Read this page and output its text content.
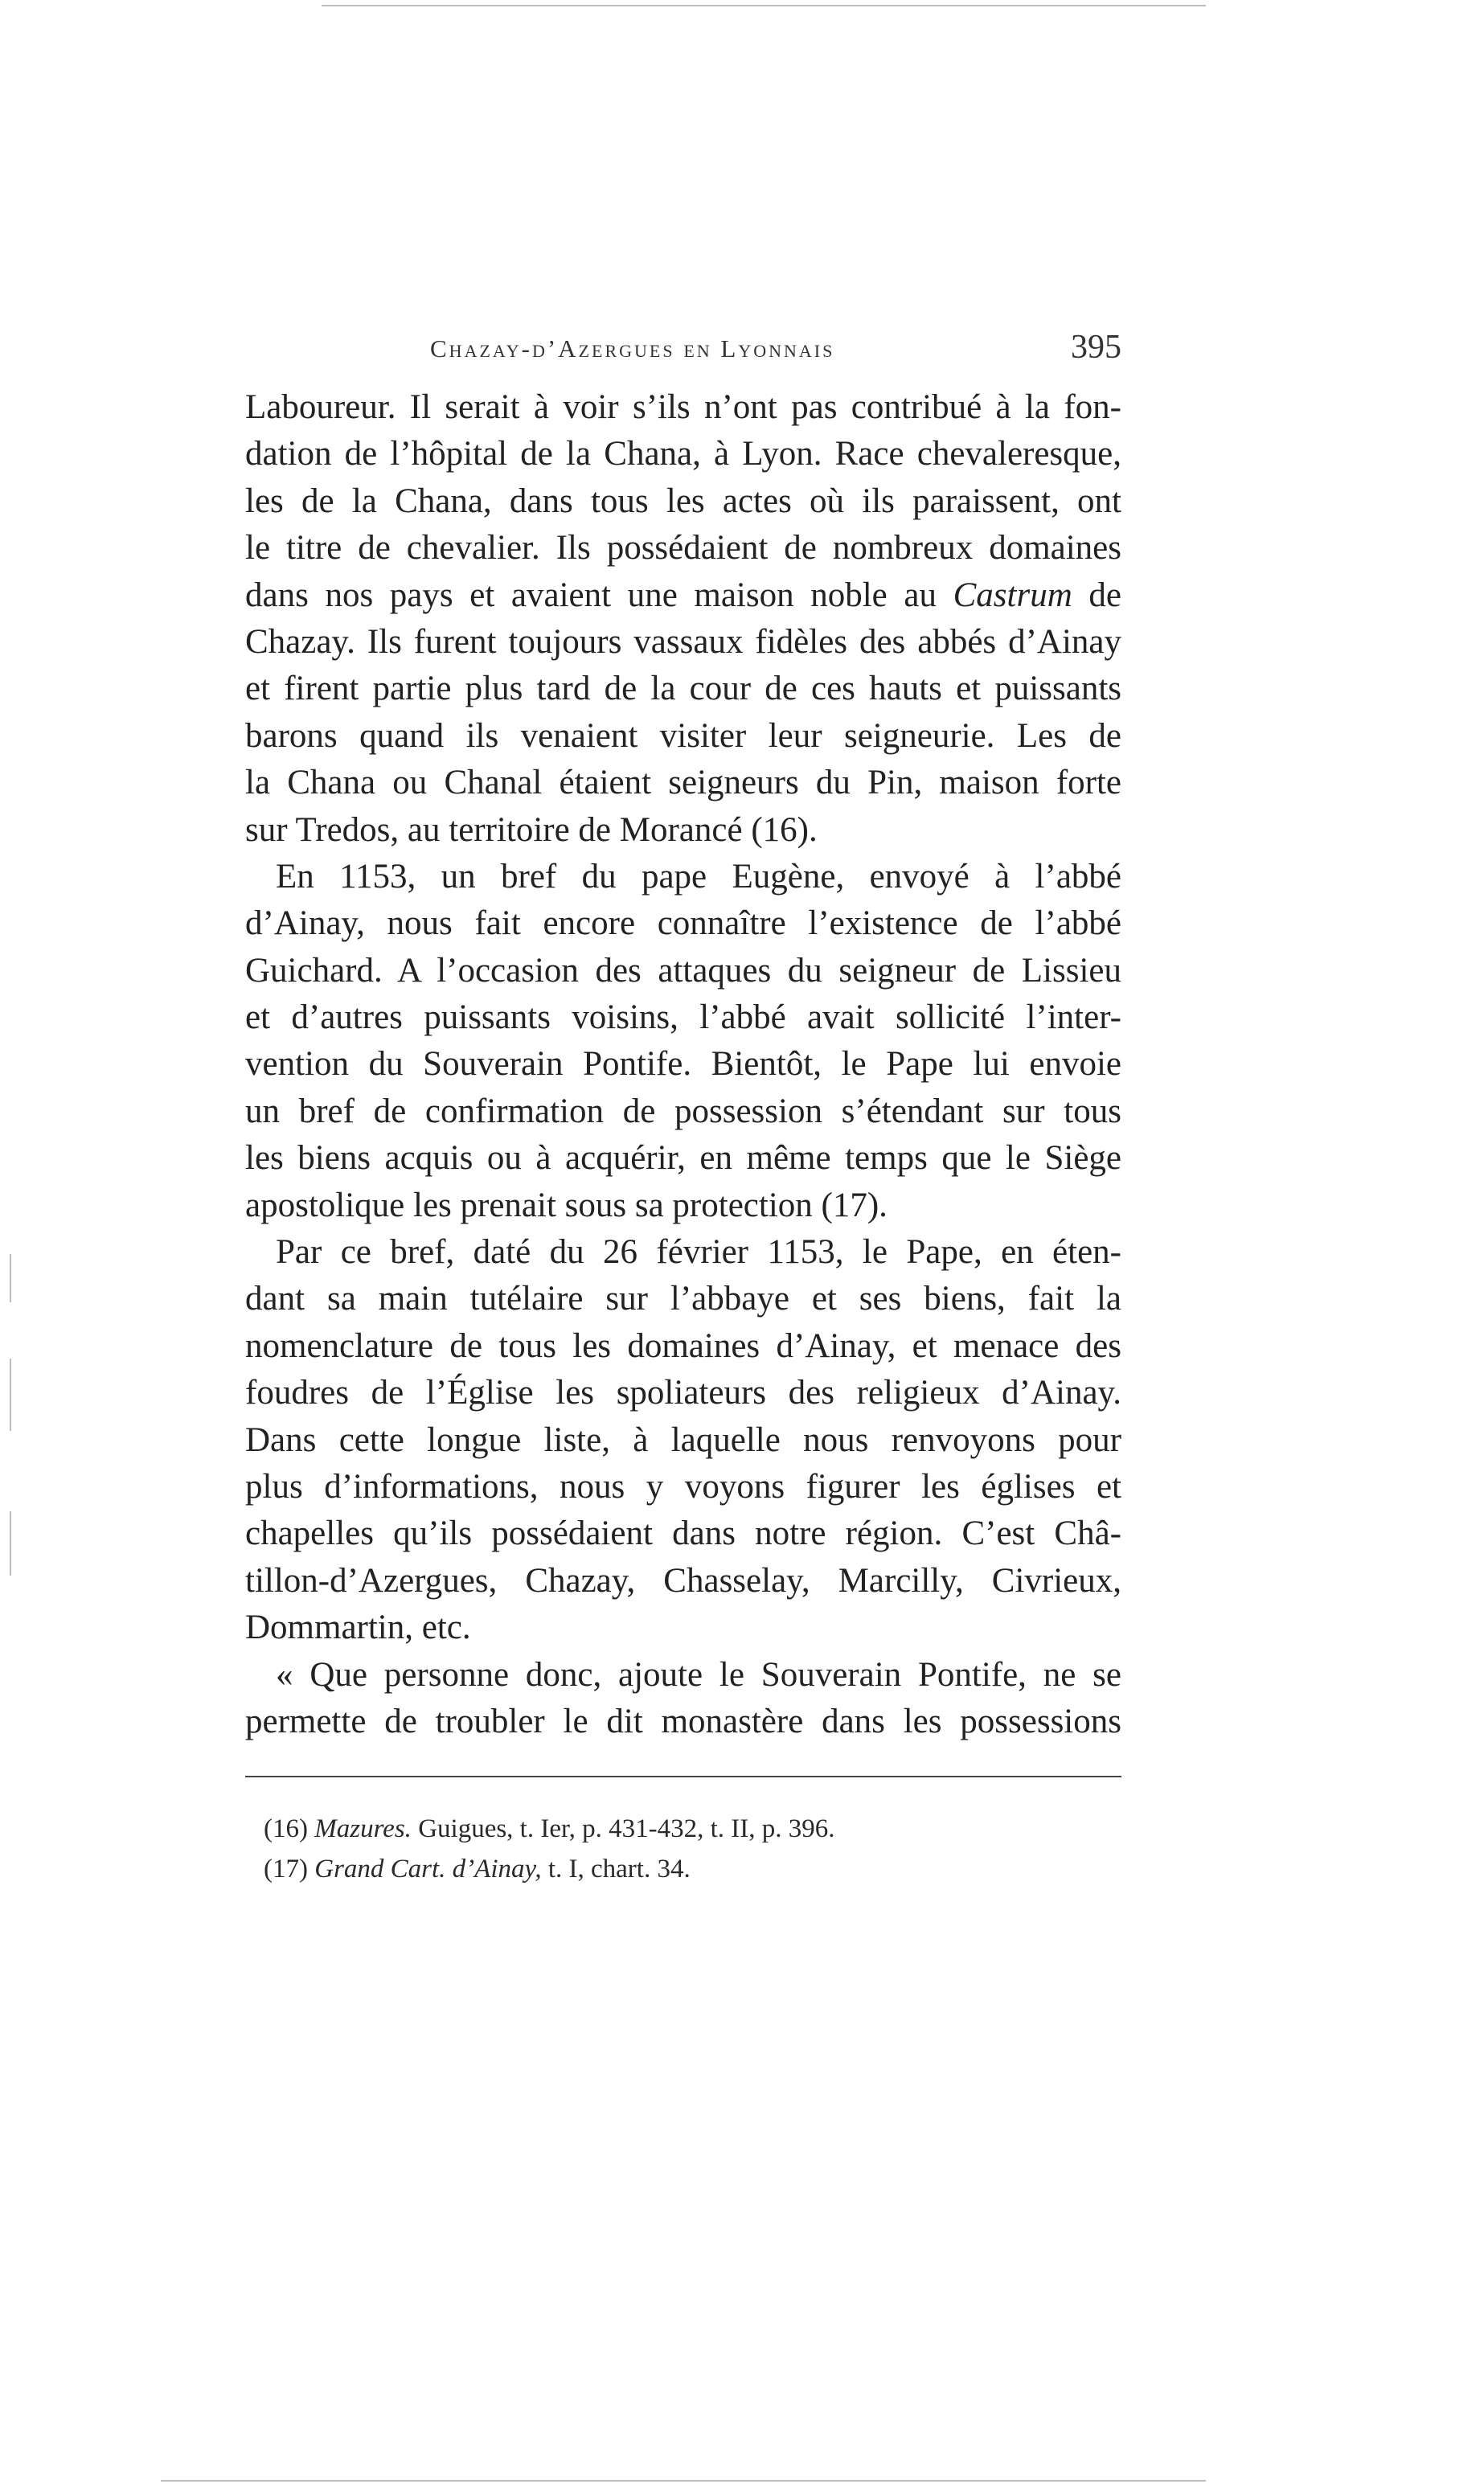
Chazay-d’Azergues en Lyonnais	395
Laboureur. Il serait à voir s’ils n’ont pas contribué à la fon-
dation de l’hôpital de la Chana, à Lyon. Race chevaleresque,
les de la Chana, dans tous les actes où ils paraissent, ont
le titre de chevalier. Ils possédaient de nombreux domaines
dans nos pays et avaient une maison noble au Castrum de
Chazay. Ils furent toujours vassaux fidèles des abbés d’Ainay
et firent partie plus tard de la cour de ces hauts et puissants
barons quand ils venaient visiter leur seigneurie. Les de
la Chana ou Chanal étaient seigneurs du Pin, maison forte
sur Tredos, au territoire de Morancé (16).
En 1153, un bref du pape Eugène, envoyé à l’abbé
d’Ainay, nous fait encore connaître l’existence de l’abbé
Guichard. A l’occasion des attaques du seigneur de Lissieu
et d’autres puissants voisins, l’abbé avait sollicité l’inter-
vention du Souverain Pontife. Bientôt, le Pape lui envoie
un bref de confirmation de possession s’étendant sur tous
les biens acquis ou à acquérir, en même temps que le Siège
apostolique les prenait sous sa protection (17).
Par ce bref, daté du 26 février 1153, le Pape, en éten-
dant sa main tutélaire sur l’abbaye et ses biens, fait la
nomenclature de tous les domaines d’Ainay, et menace des
foudres de l’Église les spoliateurs des religieux d’Ainay.
Dans cette longue liste, à laquelle nous renvoyons pour
plus d’informations, nous y voyons figurer les églises et
chapelles qu’ils possédaient dans notre région. C’est Châ-
tillon-d’Azergues, Chazay, Chasselay, Marcilly, Civrieux,
Dommartin, etc.
« Que personne donc, ajoute le Souverain Pontife, ne se
permette de troubler le dit monastère dans les possessions
(16) Mazures. Guigues, t. Ier, p. 431-432, t. II, p. 396.
(17) Grand Cart. d’Ainay, t. I, chart. 34.
